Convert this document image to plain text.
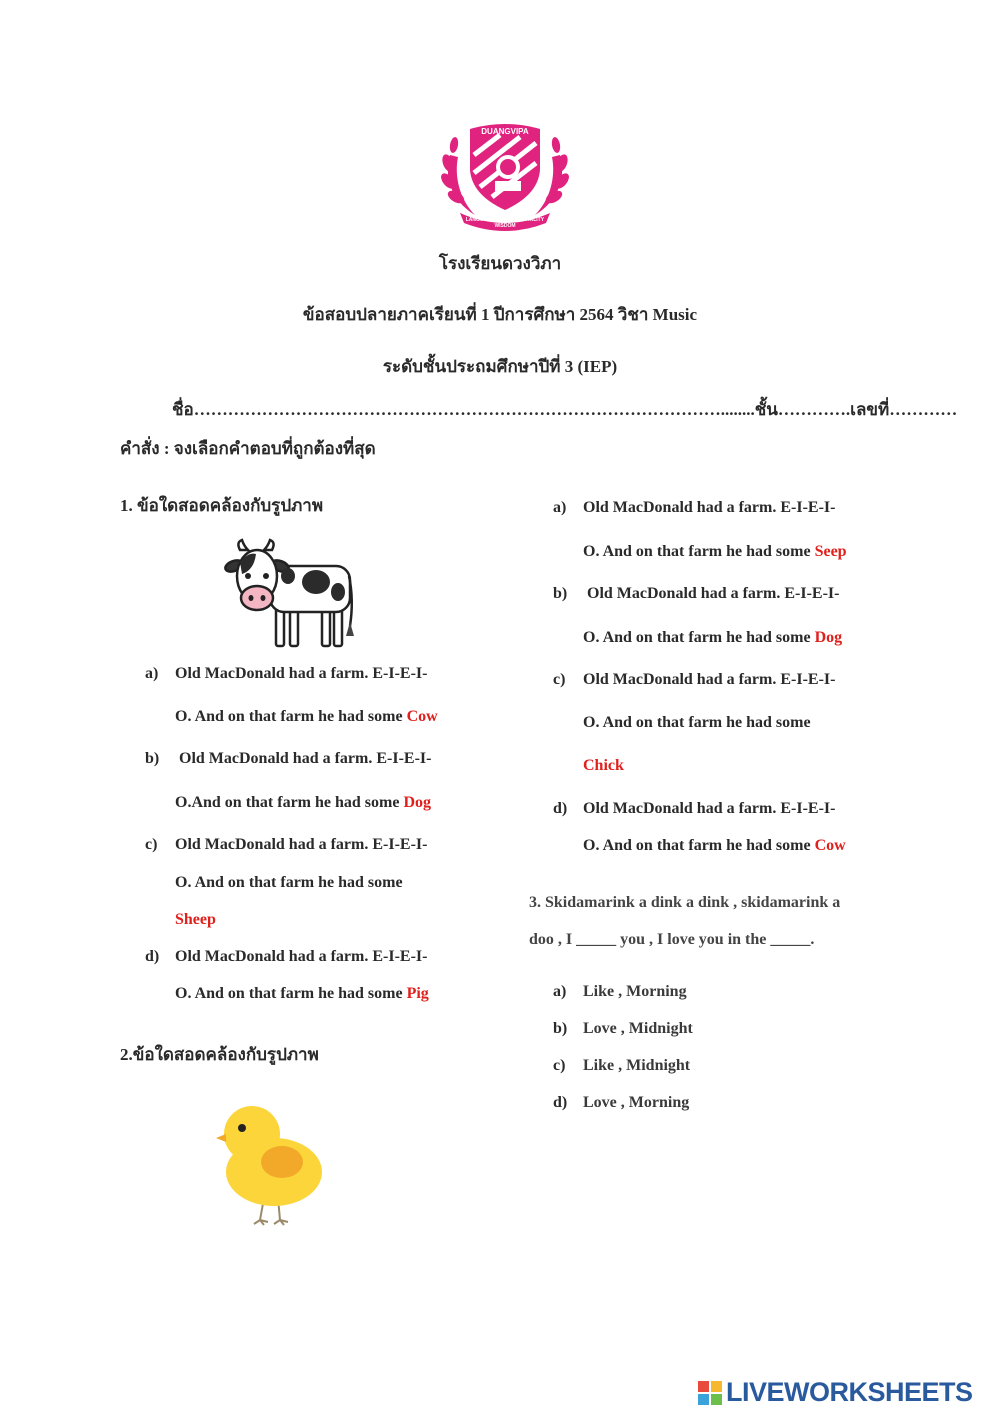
DUANGVIPA
LANGUAGE
WISDOM
MORALITY
โรงเรียนดวงวิภา
ข้อสอบปลายภาคเรียนที่ 1 ปีการศึกษา 2564 วิชา Music
ระดับชั้นประถมศึกษาปีที่ 3 (IEP)
ชื่อ…………………………………………………………………………………........ชั้น………….เลขที่…………
คำสั่ง : จงเลือกคำตอบที่ถูกต้องที่สุด
1. ข้อใดสอดคล้องกับรูปภาพ
a) Old MacDonald had a farm. E-I-E-I-
O. And on that farm he had some Cow
b) Old MacDonald had a farm. E-I-E-I-
O.And on that farm he had some Dog
c) Old MacDonald had a farm. E-I-E-I-
O. And on that farm he had some
Sheep
d) Old MacDonald had a farm. E-I-E-I-
O. And on that farm he had some Pig
2.ข้อใดสอดคล้องกับรูปภาพ
a) Old MacDonald had a farm. E-I-E-I-
O. And on that farm he had some Seep
b) Old MacDonald had a farm. E-I-E-I-
O. And on that farm he had some Dog
c) Old MacDonald had a farm. E-I-E-I-
O. And on that farm he had some
Chick
d) Old MacDonald had a farm. E-I-E-I-
O. And on that farm he had some Cow
3. Skidamarink a dink a dink , skidamarink a
doo , I _____ you , I love you in the _____.
a) Like , Morning
b) Love , Midnight
c) Like , Midnight
d) Love , Morning
LIVEWORKSHEETS
